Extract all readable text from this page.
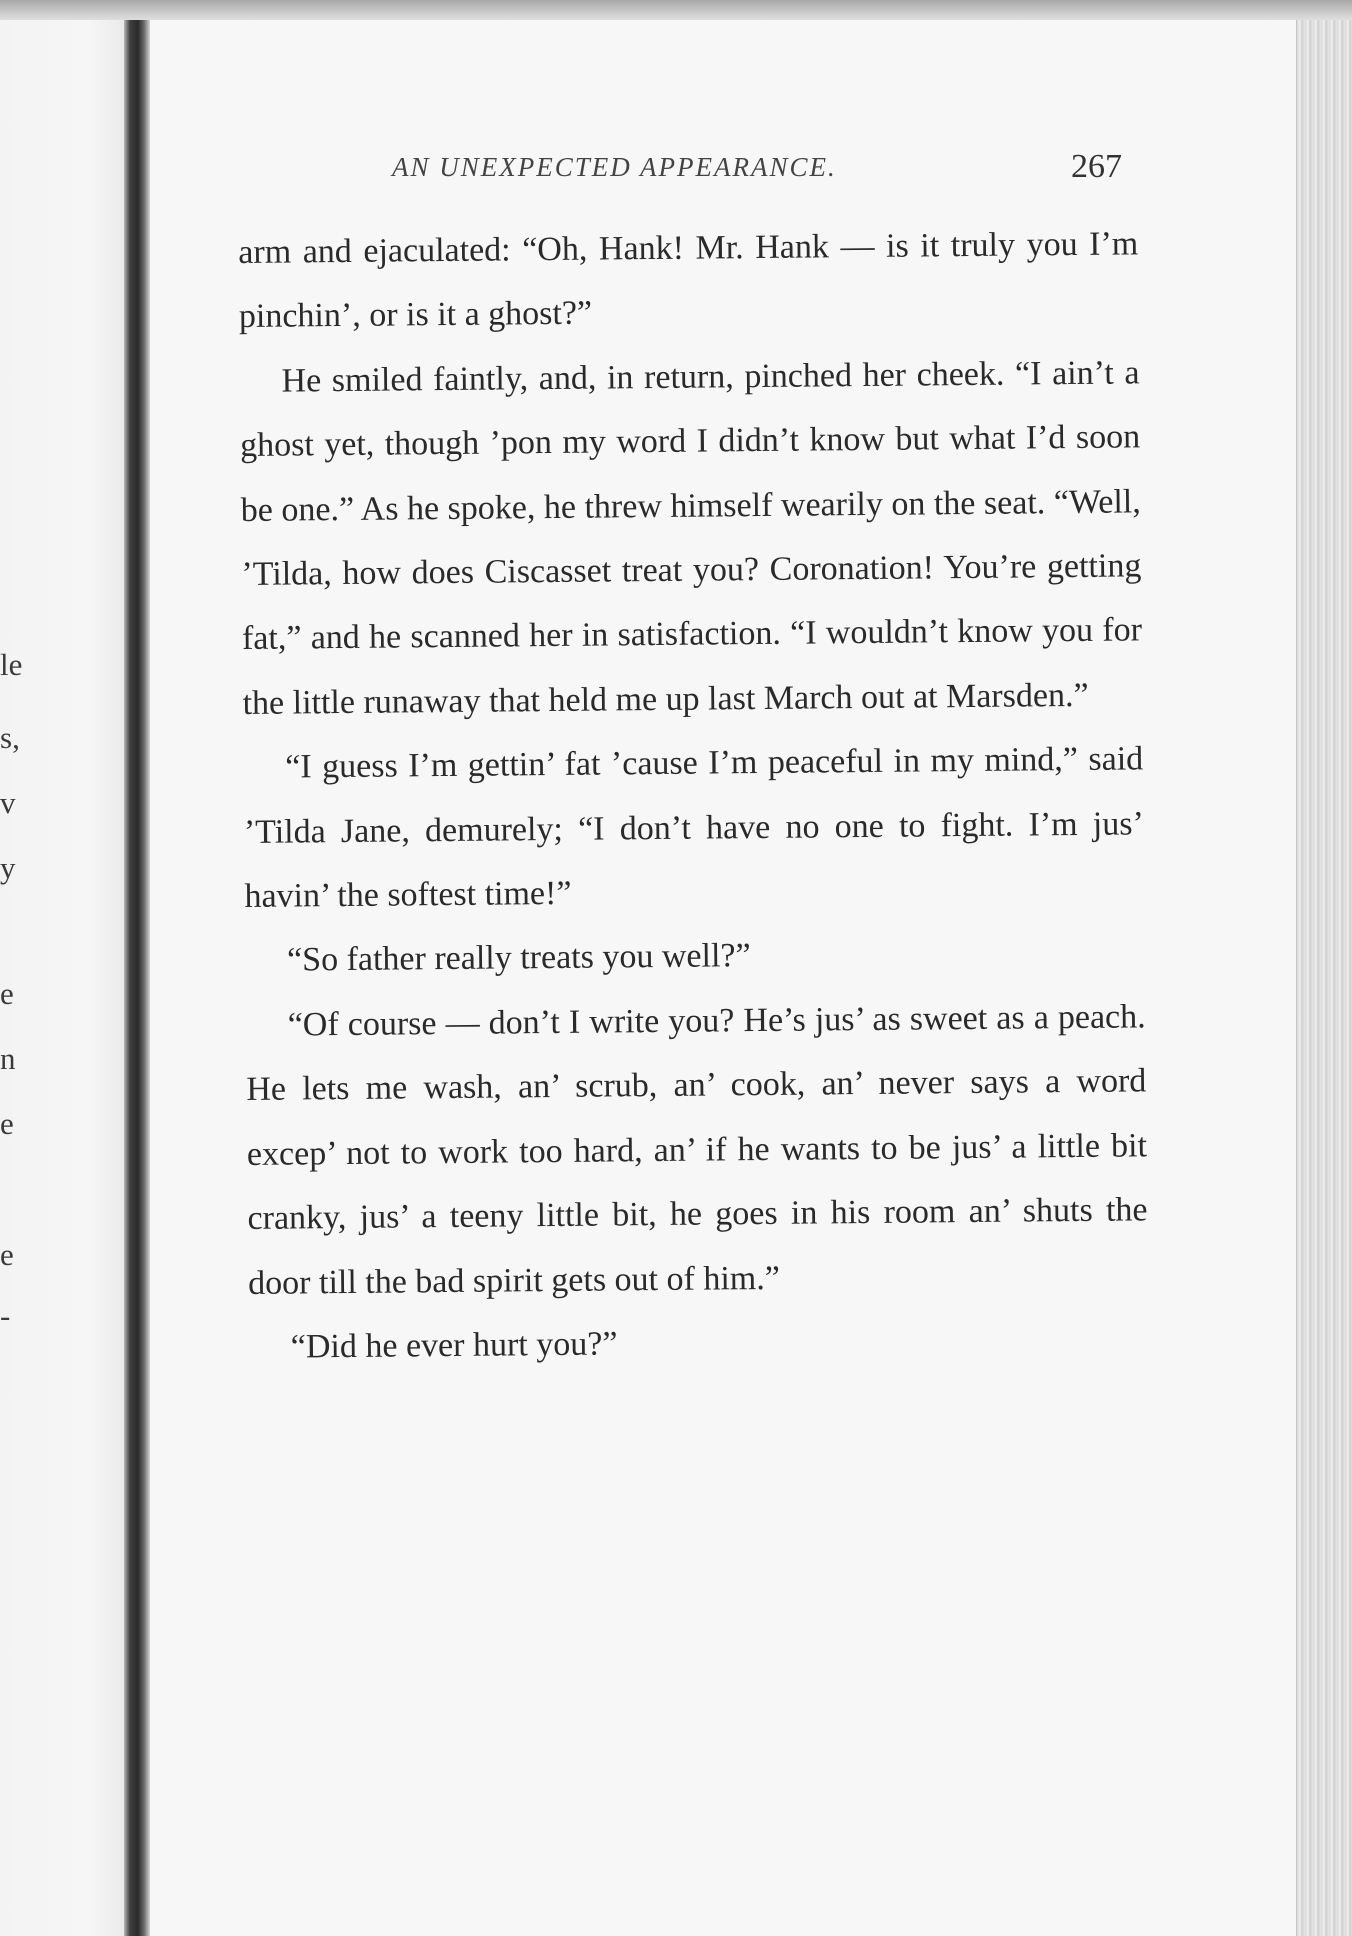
le
s,
v
y
e
n
e
e
-
AN UNEXPECTED APPEARANCE.	267

arm and ejaculated: “Oh, Hank! Mr. Hank — is it truly you I’m pinchin’, or is it a ghost?”

He smiled faintly, and, in return, pinched her cheek. “I ain’t a ghost yet, though ’pon my word I didn’t know but what I’d soon be one.” As he spoke, he threw himself wearily on the seat. “Well, ’Tilda, how does Ciscasset treat you? Coronation! You’re getting fat,” and he scanned her in satisfaction. “I wouldn’t know you for the little runaway that held me up last March out at Marsden.”

“I guess I’m gettin’ fat ’cause I’m peaceful in my mind,” said ’Tilda Jane, demurely; “I don’t have no one to fight. I’m jus’ havin’ the softest time!”

“So father really treats you well?”

“Of course — don’t I write you? He’s jus’ as sweet as a peach. He lets me wash, an’ scrub, an’ cook, an’ never says a word excep’ not to work too hard, an’ if he wants to be jus’ a little bit cranky, jus’ a teeny little bit, he goes in his room an’ shuts the door till the bad spirit gets out of him.”

“Did he ever hurt you?”
